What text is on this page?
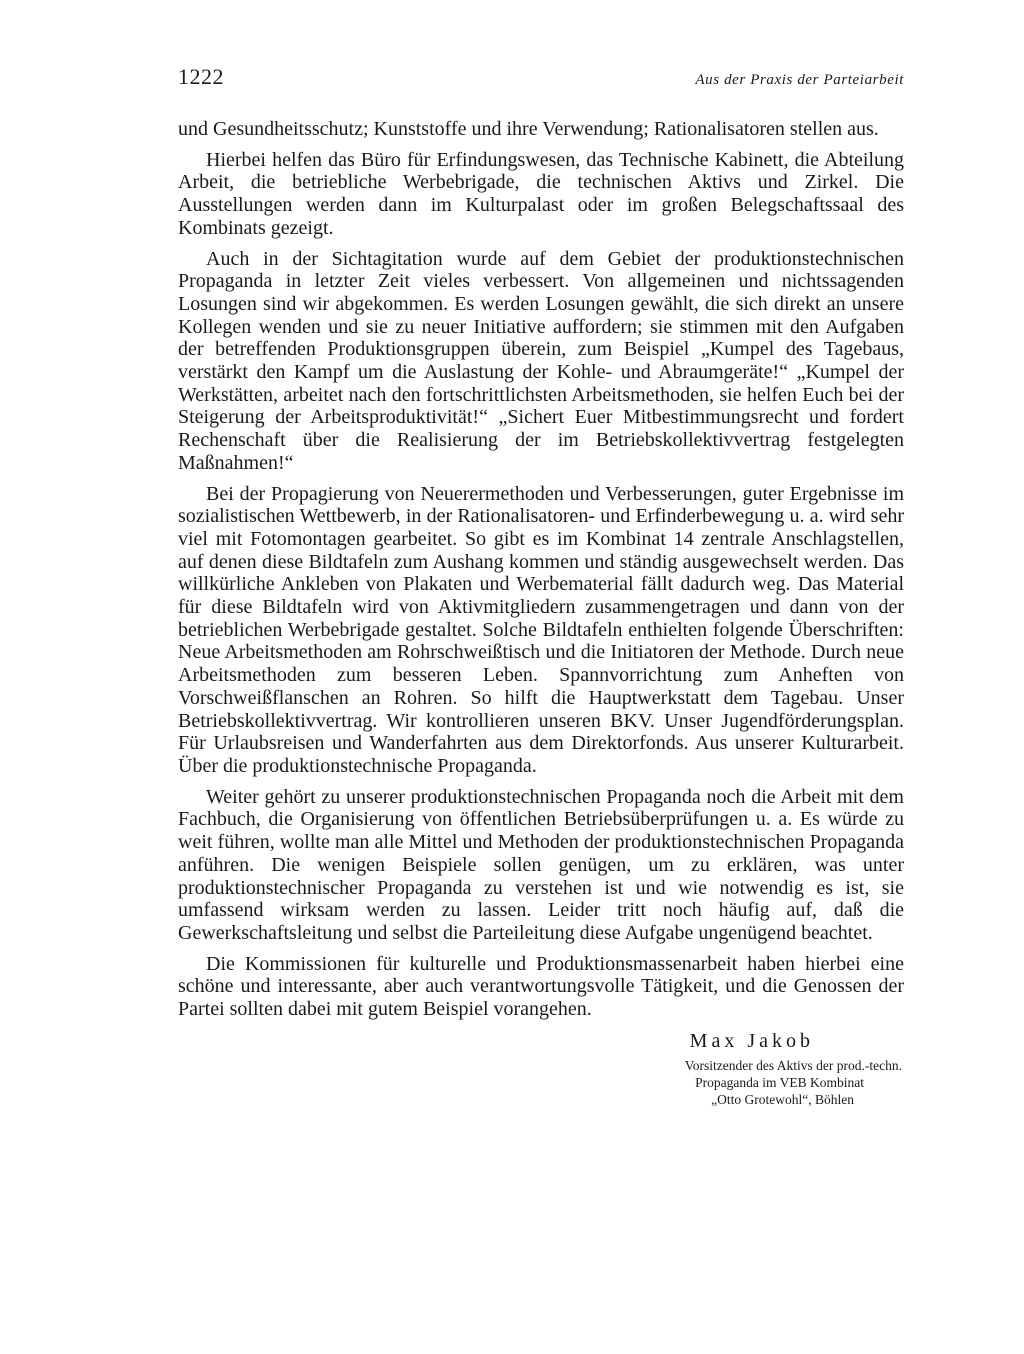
1222	Aus der Praxis der Parteiarbeit

und Gesundheitsschutz; Kunststoffe und ihre Verwendung; Rationalisatoren stellen aus.

Hierbei helfen das Büro für Erfindungswesen, das Technische Kabinett, die Abteilung Arbeit, die betriebliche Werbebrigade, die technischen Aktivs und Zirkel. Die Ausstellungen werden dann im Kulturpalast oder im großen Belegschaftssaal des Kombinats gezeigt.

Auch in der Sichtagitation wurde auf dem Gebiet der produktionstechnischen Propaganda in letzter Zeit vieles verbessert. Von allgemeinen und nichtssagenden Losungen sind wir abgekommen. Es werden Losungen gewählt, die sich direkt an unsere Kollegen wenden und sie zu neuer Initiative auffordern; sie stimmen mit den Aufgaben der betreffenden Produktionsgruppen überein, zum Beispiel „Kumpel des Tagebaus, verstärkt den Kampf um die Auslastung der Kohle- und Abraumgeräte!“ „Kumpel der Werkstätten, arbeitet nach den fortschrittlichsten Arbeitsmethoden, sie helfen Euch bei der Steigerung der Arbeitsproduktivität!“ „Sichert Euer Mitbestimmungsrecht und fordert Rechenschaft über die Realisierung der im Betriebskollektivvertrag festgelegten Maßnahmen!“

Bei der Propagierung von Neuerermethoden und Verbesserungen, guter Ergebnisse im sozialistischen Wettbewerb, in der Rationalisatoren- und Erfinderbewegung u. a. wird sehr viel mit Fotomontagen gearbeitet. So gibt es im Kombinat 14 zentrale Anschlagstellen, auf denen diese Bildtafeln zum Aushang kommen und ständig ausgewechselt werden. Das willkürliche Ankleben von Plakaten und Werbematerial fällt dadurch weg. Das Material für diese Bildtafeln wird von Aktivmitgliedern zusammengetragen und dann von der betrieblichen Werbebrigade gestaltet. Solche Bildtafeln enthielten folgende Überschriften: Neue Arbeitsmethoden am Rohrschweißtisch und die Initiatoren der Methode. Durch neue Arbeitsmethoden zum besseren Leben. Spannvorrichtung zum Anheften von Vorschweißflanschen an Rohren. So hilft die Hauptwerkstatt dem Tagebau. Unser Betriebskollektivvertrag. Wir kontrollieren unseren BKV. Unser Jugendförderungsplan. Für Urlaubsreisen und Wanderfahrten aus dem Direktorfonds. Aus unserer Kulturarbeit. Über die produktionstechnische Propaganda.

Weiter gehört zu unserer produktionstechnischen Propaganda noch die Arbeit mit dem Fachbuch, die Organisierung von öffentlichen Betriebsüberprüfungen u. a. Es würde zu weit führen, wollte man alle Mittel und Methoden der produktionstechnischen Propaganda anführen. Die wenigen Beispiele sollen genügen, um zu erklären, was unter produktionstechnischer Propaganda zu verstehen ist und wie notwendig es ist, sie umfassend wirksam werden zu lassen. Leider tritt noch häufig auf, daß die Gewerkschaftsleitung und selbst die Parteileitung diese Aufgabe ungenügend beachtet.

Die Kommissionen für kulturelle und Produktionsmassenarbeit haben hierbei eine schöne und interessante, aber auch verantwortungsvolle Tätigkeit, und die Genossen der Partei sollten dabei mit gutem Beispiel vorangehen.

Max Jakob
Vorsitzender des Aktivs der prod.-techn.
Propaganda im VEB Kombinat
„Otto Grotewohl“, Böhlen
